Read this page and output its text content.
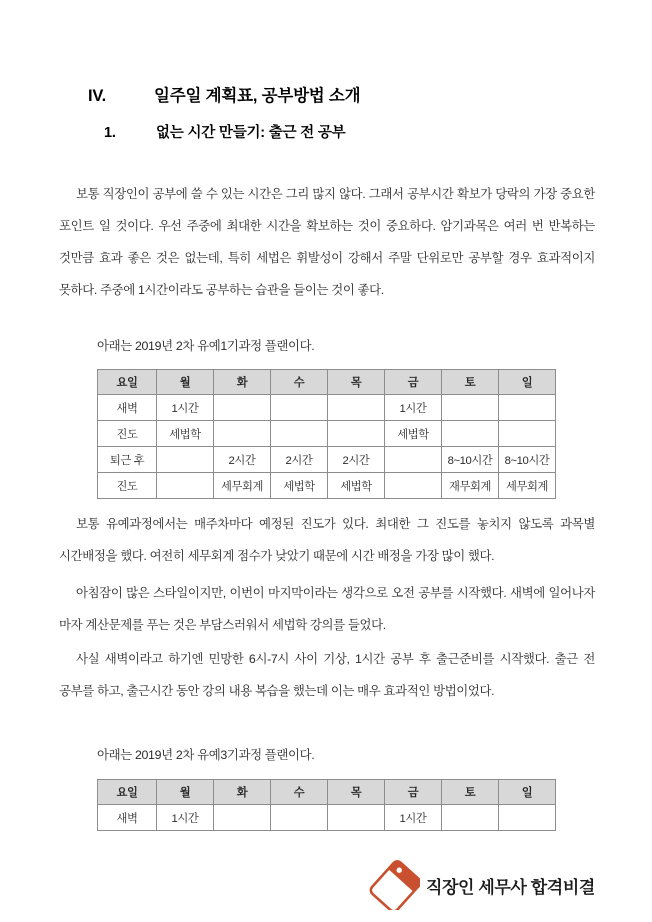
IV.	일주일 계획표, 공부방법 소개
1.	없는 시간 만들기: 출근 전 공부

보통 직장인이 공부에 쓸 수 있는 시간은 그리 많지 않다. 그래서 공부시간 확보가 당락의 가장 중요한 포인트 일 것이다. 우선 주중에 최대한 시간을 확보하는 것이 중요하다. 암기과목은 여러 번 반복하는 것만큼 효과 좋은 것은 없는데, 특히 세법은 휘발성이 강해서 주말 단위로만 공부할 경우 효과적이지 못하다. 주중에 1시간이라도 공부하는 습관을 들이는 것이 좋다.

아래는 2019년 2차 유예1기과정 플랜이다.
요일	월	화	수	목	금	토	일
새벽	1시간				1시간		
진도	세법학				세법학		
퇴근 후		2시간	2시간	2시간		8~10시간	8~10시간
진도		세무회계	세법학	세법학		재무회계	세무회계

보통 유예과정에서는 매주차마다 예정된 진도가 있다. 최대한 그 진도를 놓치지 않도록 과목별 시간배정을 했다. 여전히 세무회계 점수가 낮았기 때문에 시간 배정을 가장 많이 했다.

아침잠이 많은 스타일이지만, 이번이 마지막이라는 생각으로 오전 공부를 시작했다. 새벽에 일어나자 마자 계산문제를 푸는 것은 부담스러워서 세법학 강의를 들었다.

사실 새벽이라고 하기엔 민망한 6시-7시 사이 기상, 1시간 공부 후 출근준비를 시작했다. 출근 전 공부를 하고, 출근시간 동안 강의 내용 복습을 했는데 이는 매우 효과적인 방법이었다.

아래는 2019년 2차 유예3기과정 플랜이다.
요일	월	화	수	목	금	토	일
새벽	1시간				1시간		
직장인 세무사 합격비결
